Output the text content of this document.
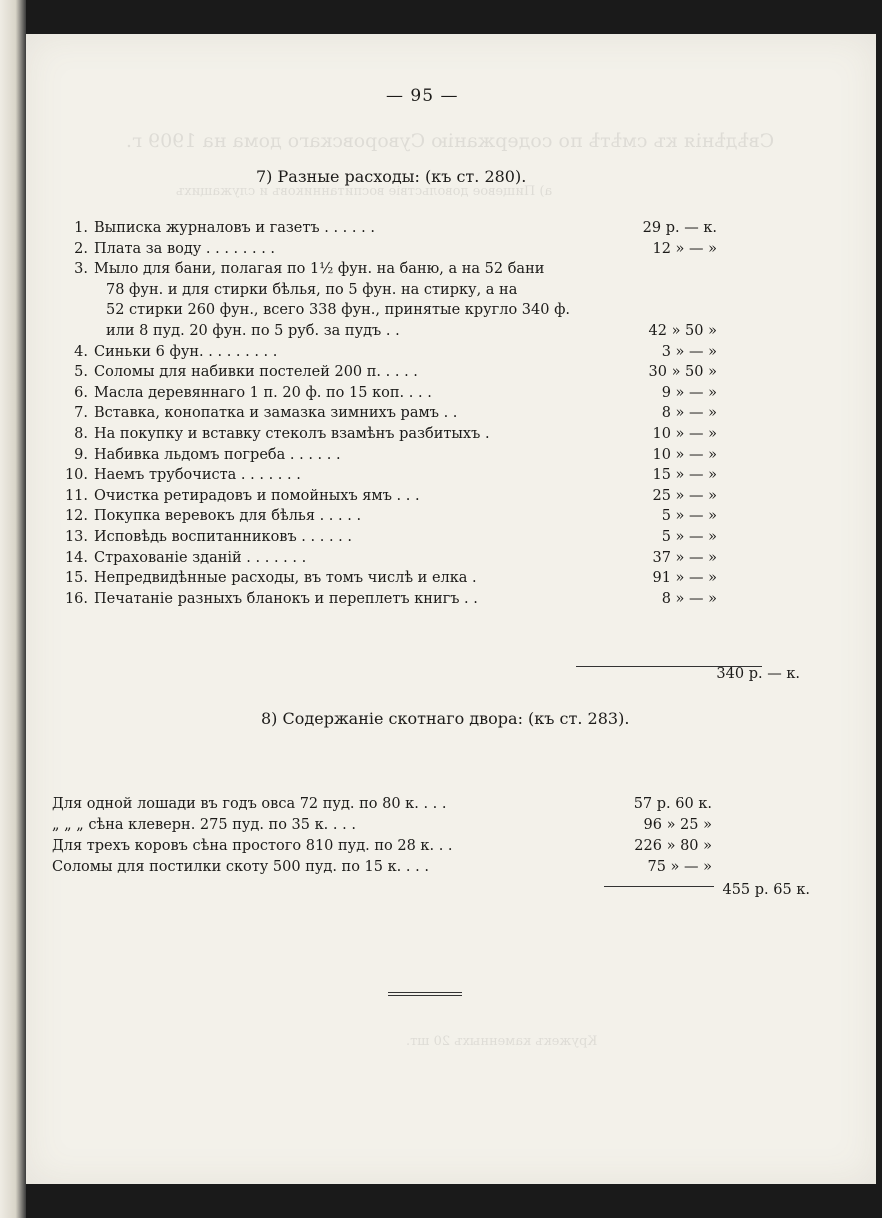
Свѣдѣнія къ смѣтѣ по содержанію Суворовскаго дома на 1909 г.
а) Пищевое довольствіе воспитанниковъ и служащихъ
Кружекъ каменныхъ 20 шт.
— 95 —
7) Разные расходы: (къ ст. 280).
1. Выписка журналовъ и газетъ . . . . . .	29 р. — к.
2. Плата за воду . . . . . . . .	12 » — »
3. Мыло для бани, полагая по 1½ фун. на баню, а на 52 бани
78 фун. и для стирки бѣлья, по 5 фун. на стирку, а на
52 стирки 260 фун., всего 338 фун., принятые кругло 340 ф.
или 8 пуд. 20 фун. по 5 руб. за пудъ . .	42 » 50 »
4. Синьки 6 фун. . . . . . . . .	3 » — »
5. Соломы для набивки постелей 200 п. . . . .	30 » 50 »
6. Масла деревяннаго 1 п. 20 ф. по 15 коп. . . .	9 » — »
7. Вставка, конопатка и замазка зимнихъ рамъ . .	8 » — »
8. На покупку и вставку стеколъ взамѣнъ разбитыхъ .	10 » — »
9. Набивка льдомъ погреба . . . . . .	10 » — »
10. Наемъ трубочиста . . . . . . .	15 » — »
11. Очистка ретирадовъ и помойныхъ ямъ . . .	25 » — »
12. Покупка веревокъ для бѣлья . . . . .	5 » — »
13. Исповѣдь воспитанниковъ . . . . . .	5 » — »
14. Страхованіе зданій . . . . . . .	37 » — »
15. Непредвидѣнные расходы, въ томъ числѣ и елка .	91 » — »
16. Печатаніе разныхъ бланокъ и переплетъ книгъ . .	8 » — »
340 р. — к.
8) Содержаніе скотнаго двора: (къ ст. 283).
Для одной лошади въ годъ овса 72 пуд. по 80 к. . . .	57 р. 60 к.
„ „ „ сѣна клеверн. 275 пуд. по 35 к. . . .	96 » 25 »
Для трехъ коровъ сѣна простого 810 пуд. по 28 к. . .	226 » 80 »
Соломы для постилки скоту 500 пуд. по 15 к. . . .	75 » — »
455 р. 65 к.
